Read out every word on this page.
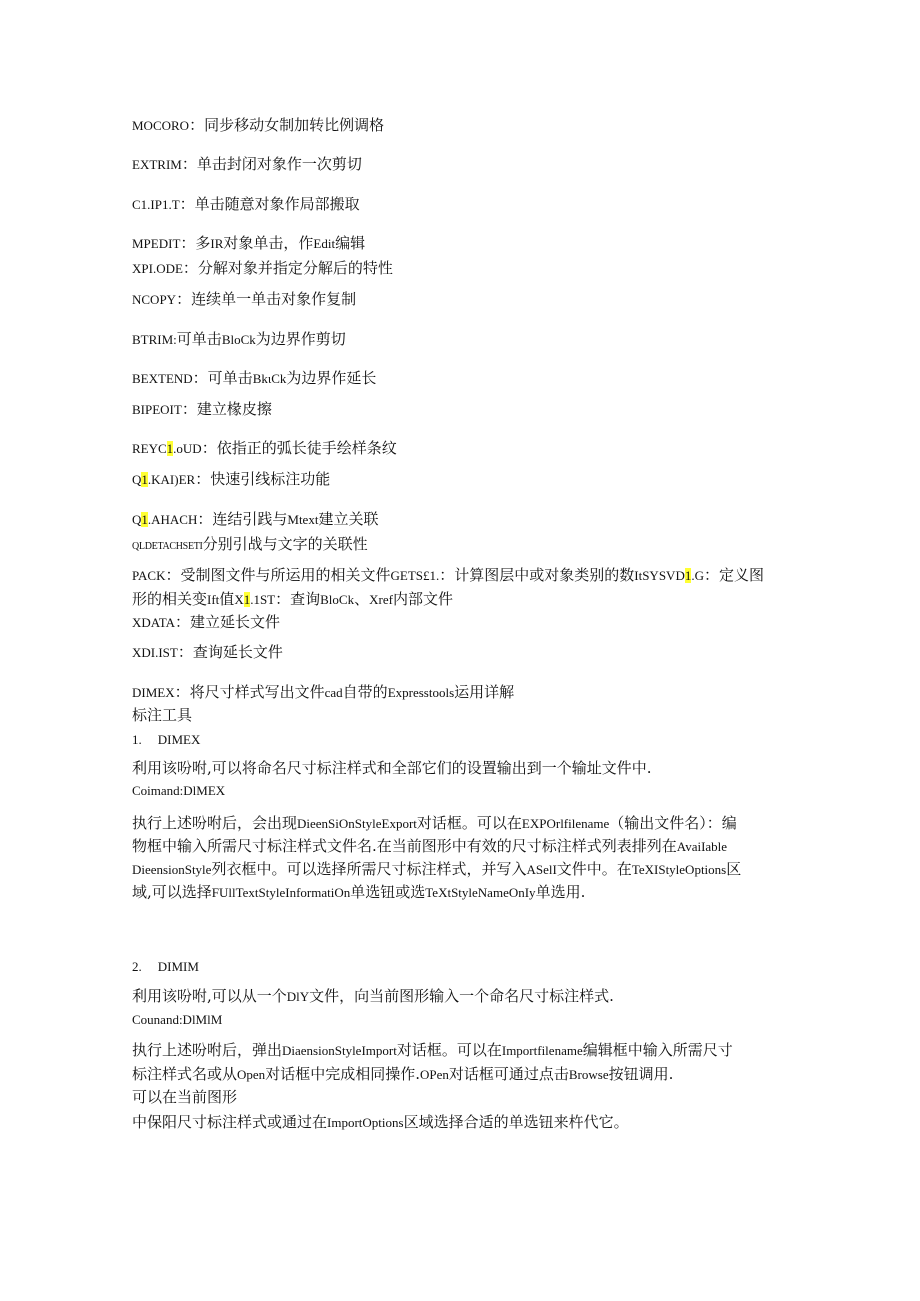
MOCORO：同步移动女制加转比例调格
EXTRIM：单击封闭对象作一次剪切
C1.IP1.T：单击随意对象作局部搬取
MPEDIT：多IR对象单击，作Edit编辑
XPI.ODE：分解对象并指定分解后的特性
NCOPY：连续单一单击对象作复制
BTRIM:可单击BloCk为边界作剪切
BEXTEND：可单击BkιCk为边界作延长
BIPEOIT：建立椽皮擦
REYC1.oUD：依指正的弧长徒手绘样条纹
Q1.KAI)ER：快速引线标注功能
Q1.AHACH：连结引践与Mtext建立关联
QLDETACHSETI分别引战与文字的关联性
PACK：受制图文件与所运用的相关文件GETS£1.：计算图层中或对象类别的数ItSYSVD1.G：定义图
形的相关变Ift值X1.1ST：查询BloCk、Xref内部文件
XDATA：建立延长文件
XDI.IST：查询延长文件
DIMEX：将尺寸样式写出文件cad自带的Expresstools运用详解
标注工具
1. DIMEX
利用该吩咐,可以将命名尺寸标注样式和全部它们的设置输出到一个输址文件中.
Coimand:DlMEX
执行上述吩咐后，会出现DieenSiOnStyleExport对话框。可以在EXPOrlfilename（输出文件名）：编
物框中输入所需尺寸标注样式文件名.在当前图形中有效的尺寸标注样式列表排列在AvaiIable
DieensionStyle列衣框中。可以选择所需尺寸标注样式，并写入ASelI文件中。在TeXIStyleOptions区
域,可以选择FUllTextStyleInformatiOn单选钮或选TeXtStyleNameOnIy单选用.
2. DIMIM
利用该吩咐,可以从一个DlY文件，向当前图形输入一个命名尺寸标注样式.
Counand:DlMlM
执行上述吩咐后，弹出DiaensionStyleImport对话框。可以在Importfilename编辑框中输入所需尺寸
标注样式名或从Open对话框中完成相同操作.OPen对话框可通过点击Browse按钮调用.
可以在当前图形
中保阳尺寸标注样式或通过在ImportOptions区域选择合适的单选钮来杵代它。
